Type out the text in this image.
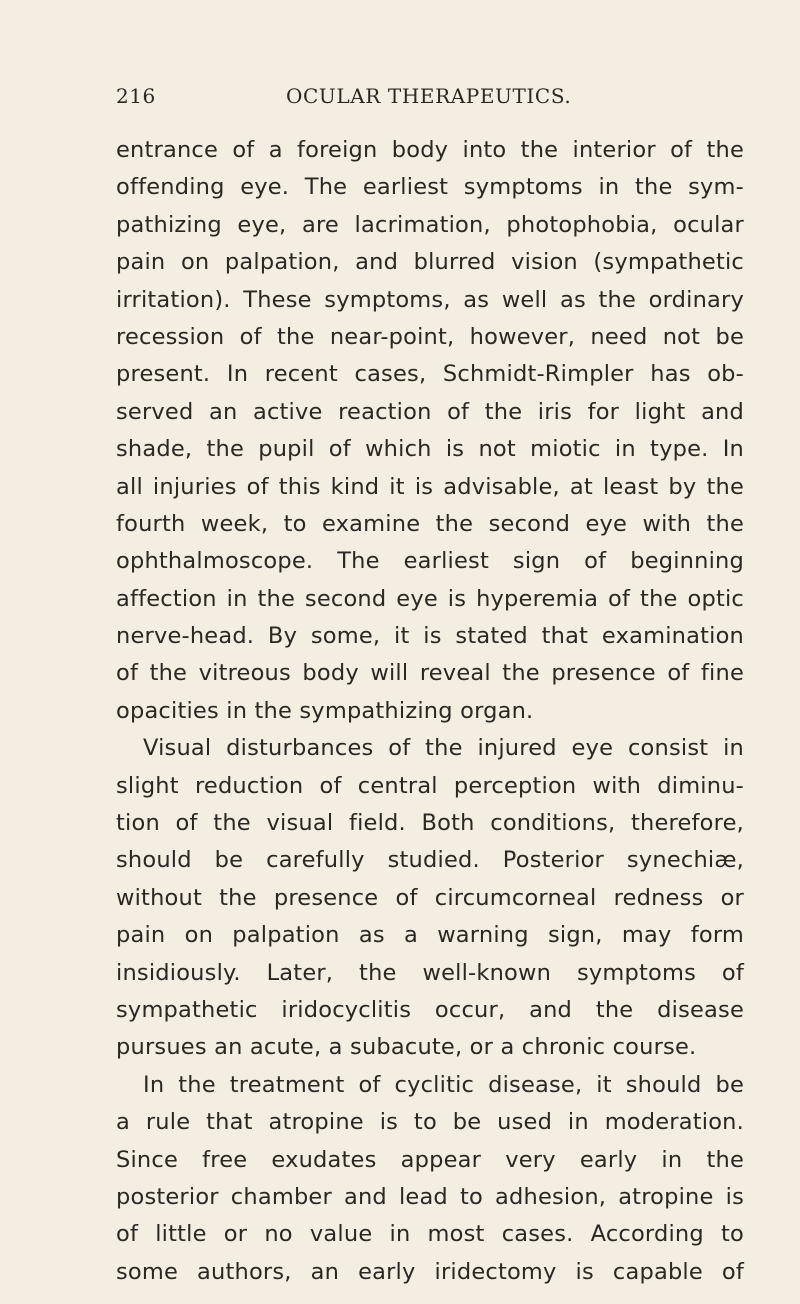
216	OCULAR THERAPEUTICS.
entrance of a foreign body into the interior of the
offending eye. The earliest symptoms in the sym-
pathizing eye, are lacrimation, photophobia, ocular
pain on palpation, and blurred vision (sympathetic
irritation). These symptoms, as well as the ordinary
recession of the near-point, however, need not be
present. In recent cases, Schmidt-Rimpler has ob-
served an active reaction of the iris for light and
shade, the pupil of which is not miotic in type. In
all injuries of this kind it is advisable, at least by the
fourth week, to examine the second eye with the
ophthalmoscope. The earliest sign of beginning
affection in the second eye is hyperemia of the optic
nerve-head. By some, it is stated that examination
of the vitreous body will reveal the presence of fine
opacities in the sympathizing organ.
Visual disturbances of the injured eye consist in
slight reduction of central perception with diminu-
tion of the visual field. Both conditions, therefore,
should be carefully studied. Posterior synechiæ,
without the presence of circumcorneal redness or
pain on palpation as a warning sign, may form
insidiously. Later, the well-known symptoms of
sympathetic iridocyclitis occur, and the disease
pursues an acute, a subacute, or a chronic course.
In the treatment of cyclitic disease, it should be
a rule that atropine is to be used in moderation.
Since free exudates appear very early in the
posterior chamber and lead to adhesion, atropine is
of little or no value in most cases. According to
some authors, an early iridectomy is capable of
